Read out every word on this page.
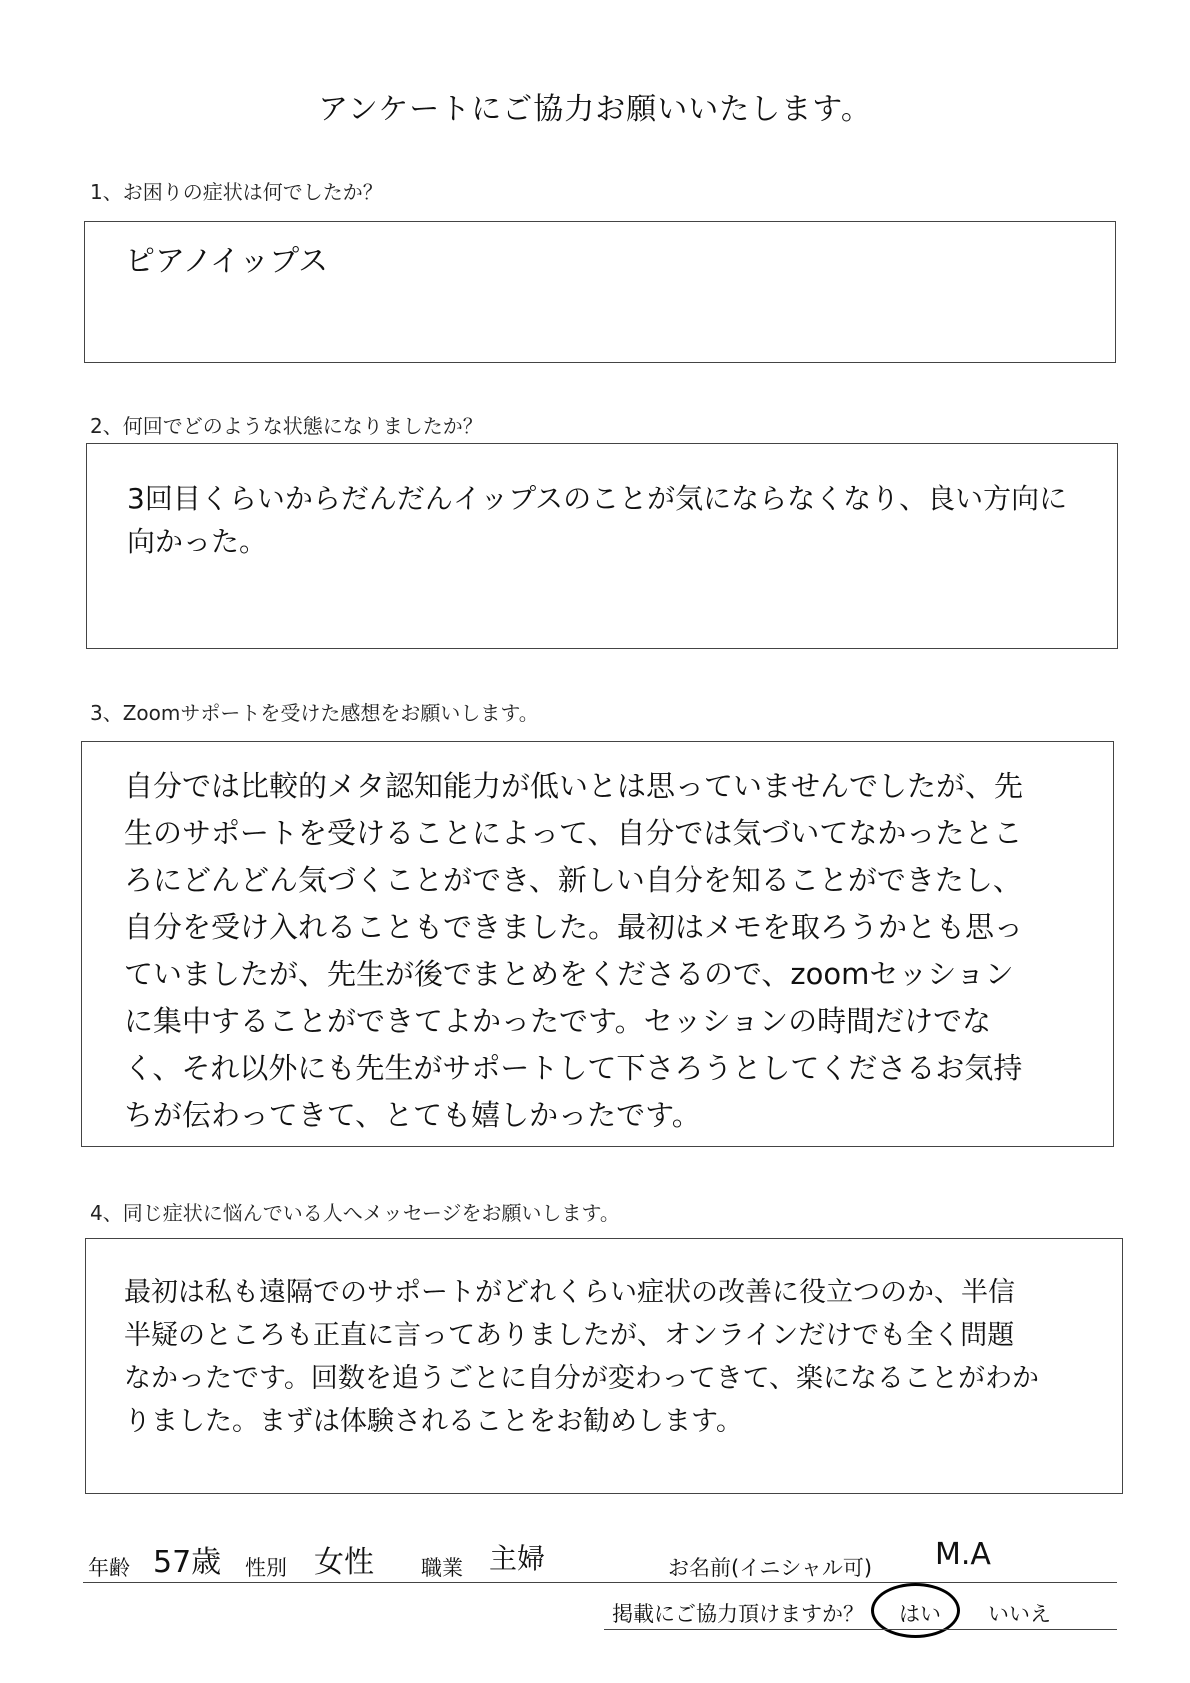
アンケートにご協力お願いいたします。
1、お困りの症状は何でしたか？
ピアノイップス
2、何回でどのような状態になりましたか？
3回目くらいからだんだんイップスのことが気にならなくなり、良い方向に
向かった。
3、Zoomサポートを受けた感想をお願いします。
自分では比較的メタ認知能力が低いとは思っていませんでしたが、先
生のサポートを受けることによって、自分では気づいてなかったとこ
ろにどんどん気づくことができ、新しい自分を知ることができたし、
自分を受け入れることもできました。最初はメモを取ろうかとも思っ
ていましたが、先生が後でまとめをくださるので、zoomセッション
に集中することができてよかったです。セッションの時間だけでな
く、それ以外にも先生がサポートして下さろうとしてくださるお気持
ちが伝わってきて、とても嬉しかったです。
4、同じ症状に悩んでいる人へメッセージをお願いします。
最初は私も遠隔でのサポートがどれくらい症状の改善に役立つのか、半信
半疑のところも正直に言ってありましたが、オンラインだけでも全く問題
なかったです。回数を追うごとに自分が変わってきて、楽になることがわか
りました。まずは体験されることをお勧めします。
年齢 57歳 性別 女性 職業 主婦	お名前(イニシャル可) M.A
掲載にご協力頂けますか？ はい いいえ
